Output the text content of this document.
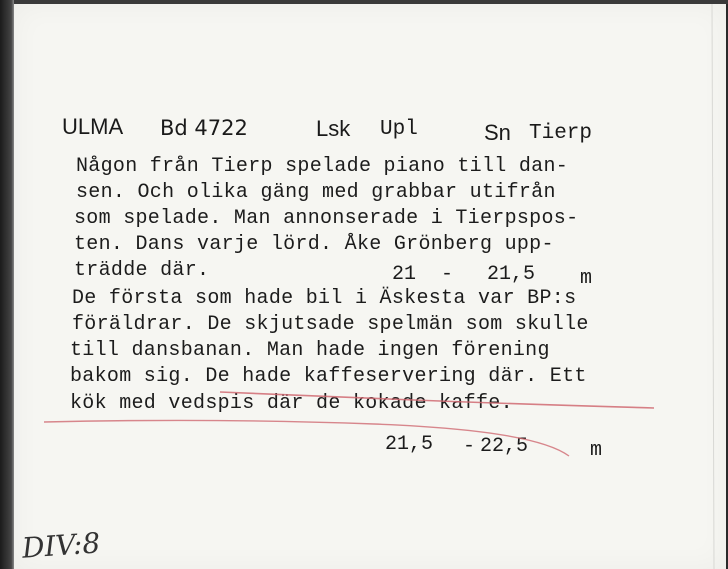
ULMA Bd 4722	Lsk Upl	Sn Tierp
Någon från Tierp spelade piano till dan-
sen. Och olika gäng med grabbar utifrån
som spelade. Man annonserade i Tierpspos-
ten. Dans varje lörd. Åke Grönberg upp-
trädde där.
De första som hade bil i Äskesta var BP:s
föräldrar. De skjutsade spelmän som skulle
till dansbanan. Man hade ingen förening
bakom sig. De hade kaffeservering där. Ett
kök med vedspis där de kokade kaffe.
21 - 21,5 m
21,5 - 22,5	m
DIV:8
